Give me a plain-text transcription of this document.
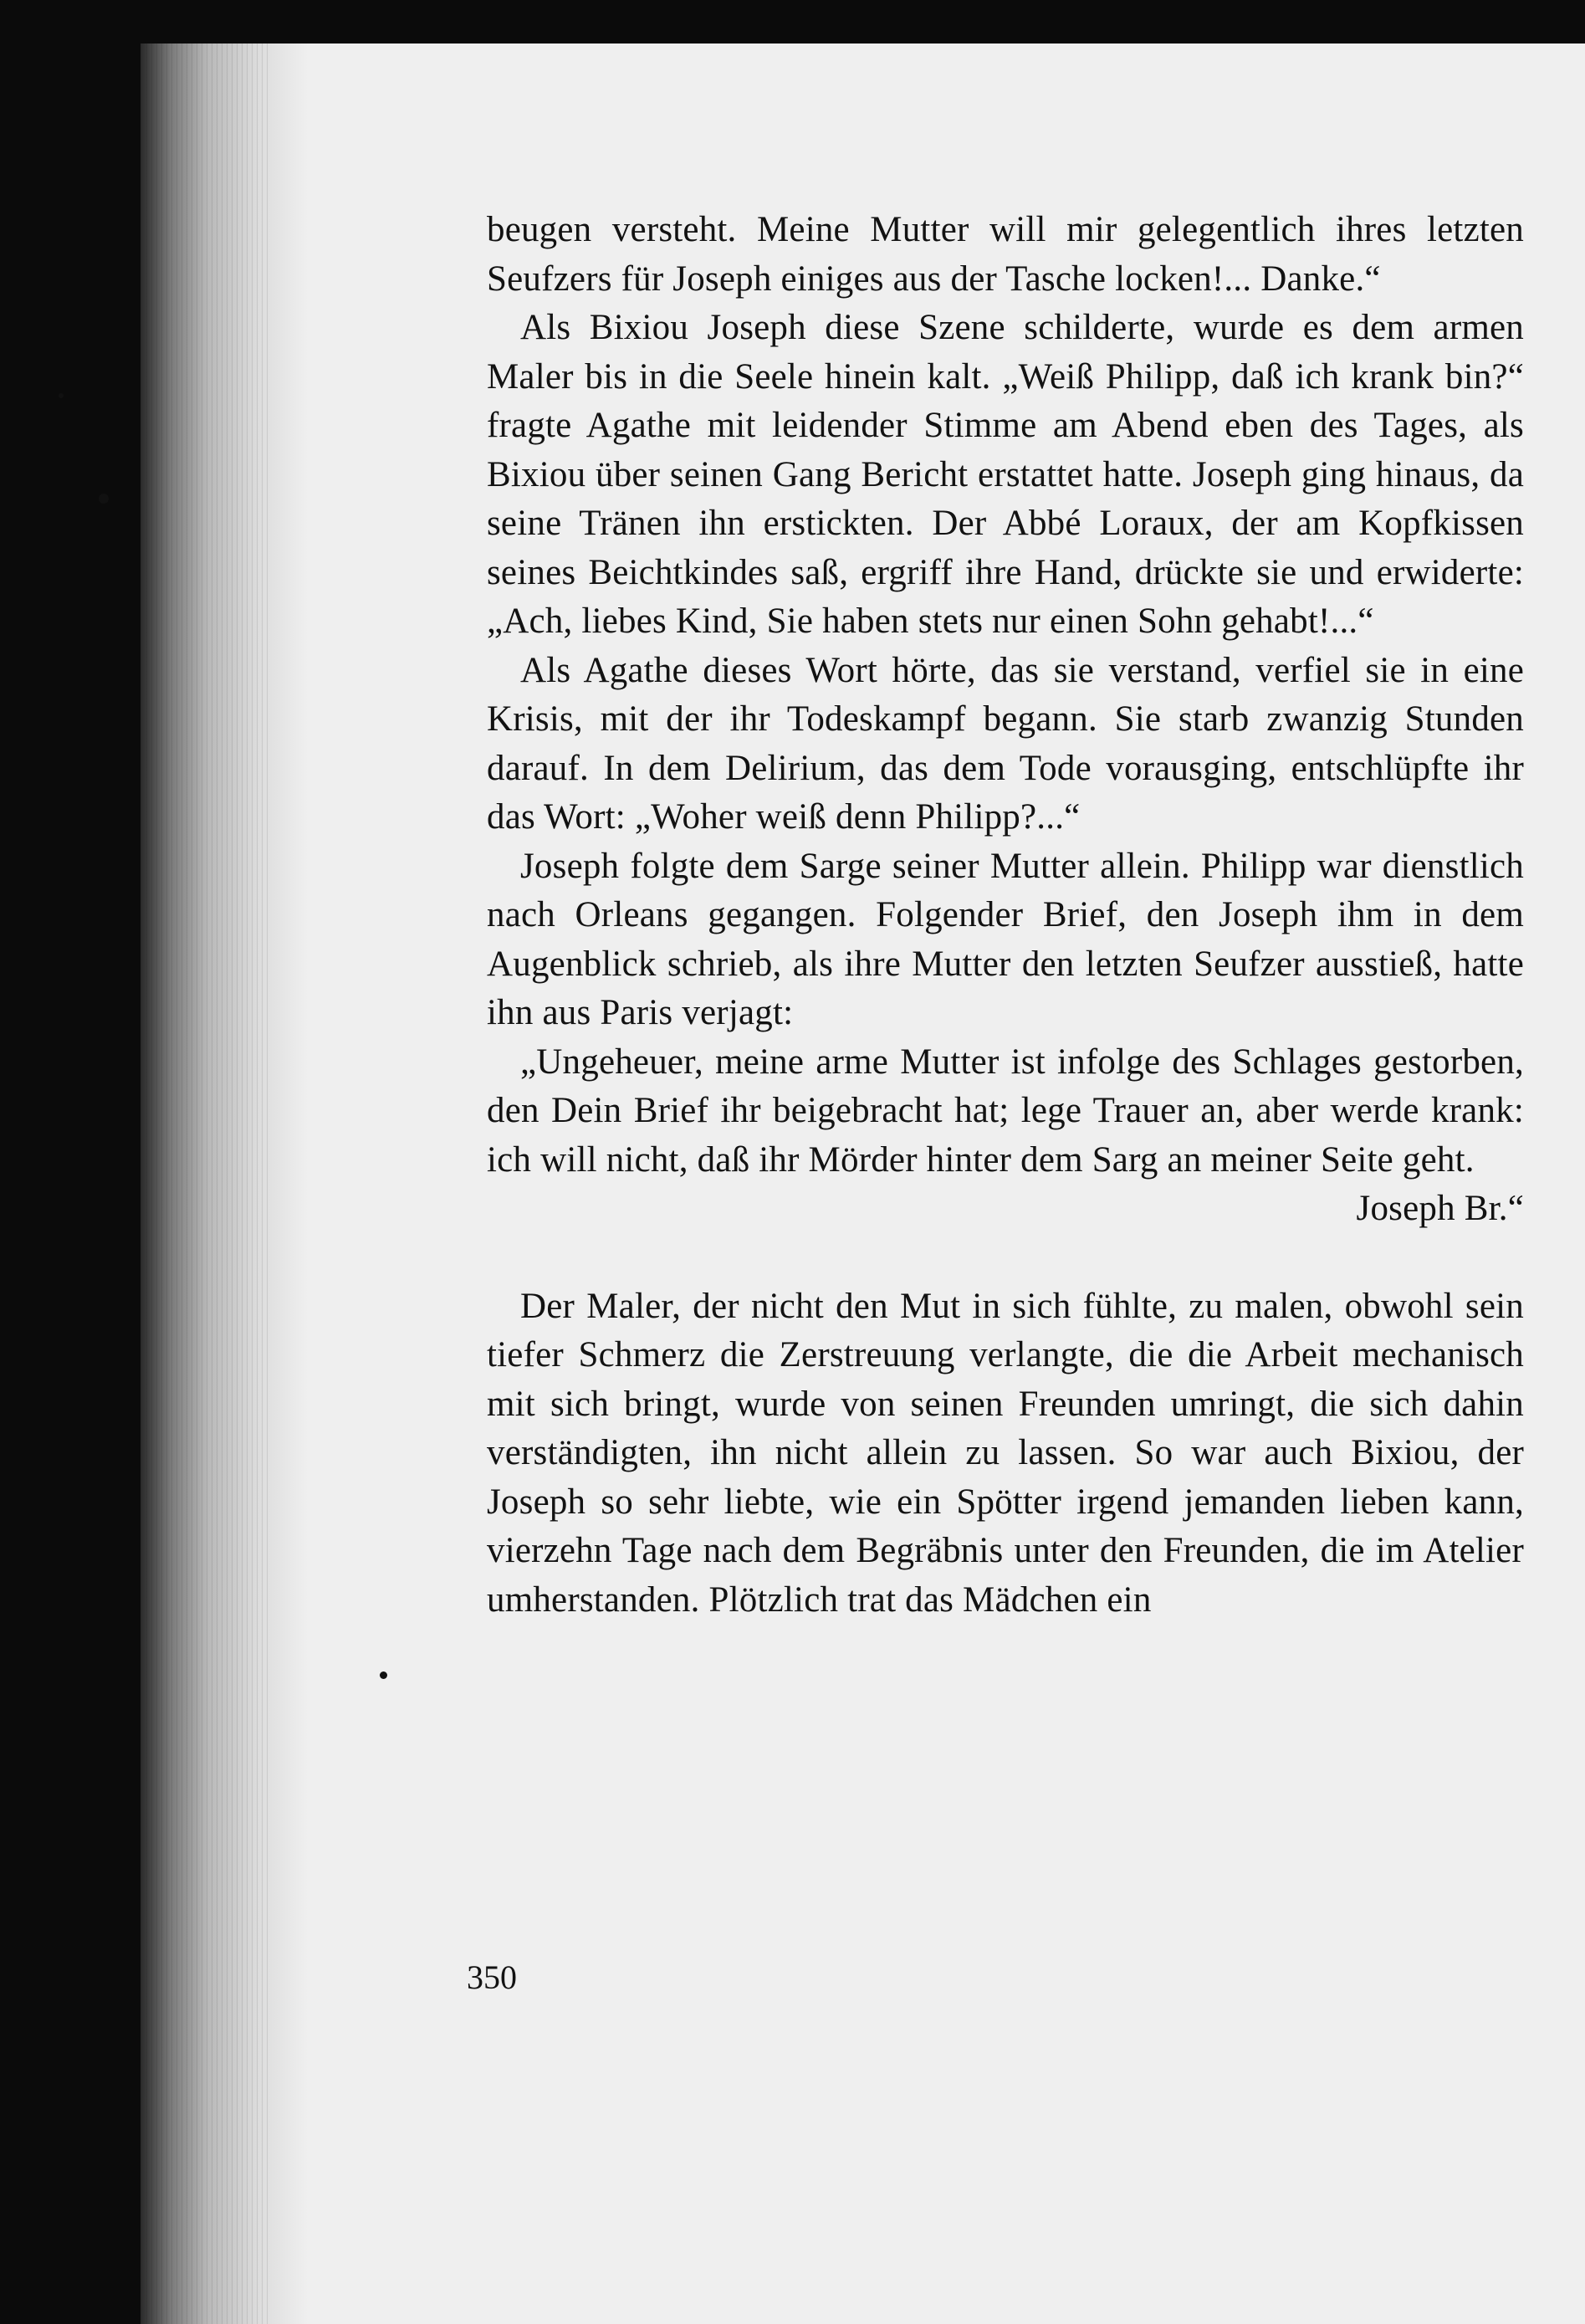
beugen versteht. Meine Mutter will mir gelegentlich ihres letzten Seufzers für Joseph einiges aus der Tasche locken!... Danke.“

Als Bixiou Joseph diese Szene schilderte, wurde es dem armen Maler bis in die Seele hinein kalt. „Weiß Philipp, daß ich krank bin?“ fragte Agathe mit leidender Stimme am Abend eben des Tages, als Bixiou über seinen Gang Bericht erstattet hatte. Joseph ging hinaus, da seine Tränen ihn erstickten. Der Abbé Loraux, der am Kopfkissen seines Beichtkindes saß, ergriff ihre Hand, drückte sie und erwiderte: „Ach, liebes Kind, Sie haben stets nur einen Sohn gehabt!...“

Als Agathe dieses Wort hörte, das sie verstand, verfiel sie in eine Krisis, mit der ihr Todeskampf begann. Sie starb zwanzig Stunden darauf. In dem Delirium, das dem Tode vorausging, entschlüpfte ihr das Wort: „Woher weiß denn Philipp?...“

Joseph folgte dem Sarge seiner Mutter allein. Philipp war dienstlich nach Orleans gegangen. Folgender Brief, den Joseph ihm in dem Augenblick schrieb, als ihre Mutter den letzten Seufzer ausstieß, hatte ihn aus Paris verjagt:

„Ungeheuer, meine arme Mutter ist infolge des Schlages gestorben, den Dein Brief ihr beigebracht hat; lege Trauer an, aber werde krank: ich will nicht, daß ihr Mörder hinter dem Sarg an meiner Seite geht.

Joseph Br.“

Der Maler, der nicht den Mut in sich fühlte, zu malen, obwohl sein tiefer Schmerz die Zerstreuung verlangte, die die Arbeit mechanisch mit sich bringt, wurde von seinen Freunden umringt, die sich dahin verständigten, ihn nicht allein zu lassen. So war auch Bixiou, der Joseph so sehr liebte, wie ein Spötter irgend jemanden lieben kann, vierzehn Tage nach dem Begräbnis unter den Freunden, die im Atelier umherstanden. Plötzlich trat das Mädchen ein

350
